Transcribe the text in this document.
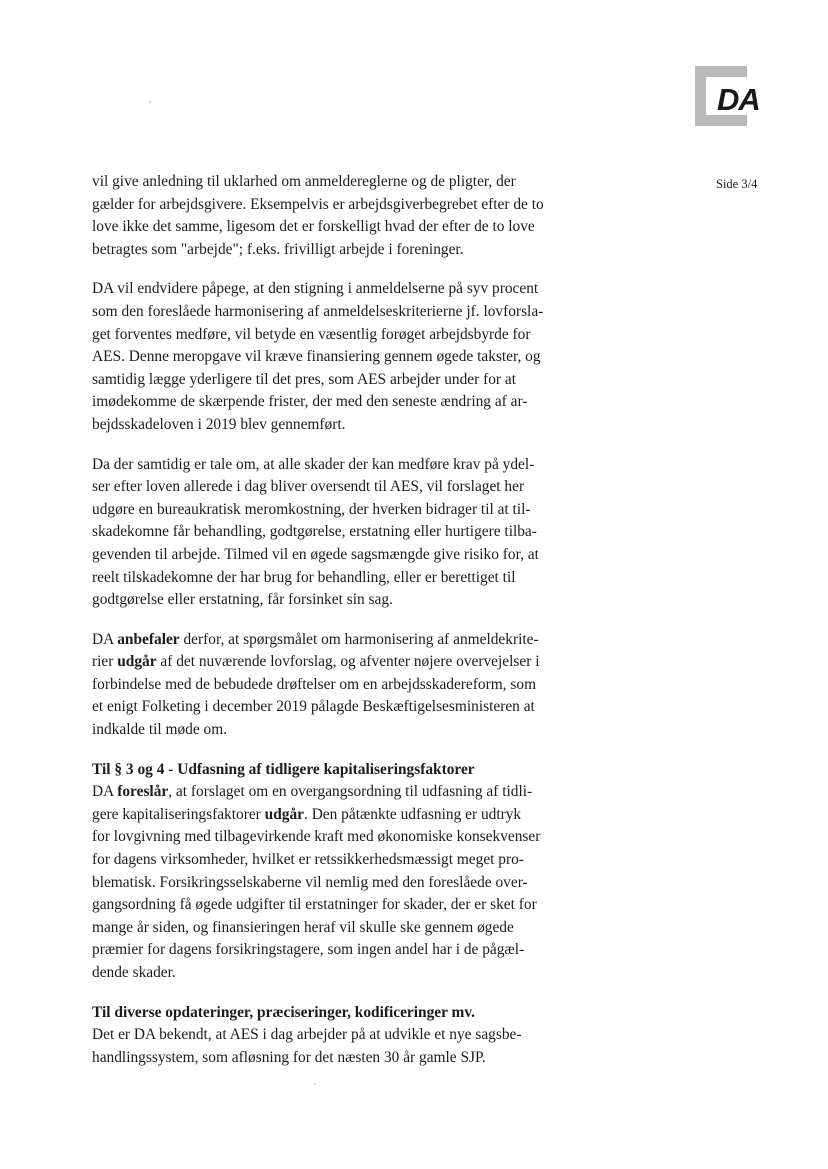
DA
Side 3/4
vil give anledning til uklarhed om anmeldereglerne og de pligter, der
gælder for arbejdsgivere. Eksempelvis er arbejdsgiverbegrebet efter de to
love ikke det samme, ligesom det er forskelligt hvad der efter de to love
betragtes som "arbejde"; f.eks. frivilligt arbejde i foreninger.
DA vil endvidere påpege, at den stigning i anmeldelserne på syv procent
som den foreslåede harmonisering af anmeldelseskriterierne jf. lovforsla-
get forventes medføre, vil betyde en væsentlig forøget arbejdsbyrde for
AES. Denne meropgave vil kræve finansiering gennem øgede takster, og
samtidig lægge yderligere til det pres, som AES arbejder under for at
imødekomme de skærpende frister, der med den seneste ændring af ar-
bejdsskadeloven i 2019 blev gennemført.
Da der samtidig er tale om, at alle skader der kan medføre krav på ydel-
ser efter loven allerede i dag bliver oversendt til AES, vil forslaget her
udgøre en bureaukratisk meromkostning, der hverken bidrager til at til-
skadekomne får behandling, godtgørelse, erstatning eller hurtigere tilba-
gevenden til arbejde. Tilmed vil en øgede sagsmængde give risiko for, at
reelt tilskadekomne der har brug for behandling, eller er berettiget til
godtgørelse eller erstatning, får forsinket sin sag.
DA anbefaler derfor, at spørgsmålet om harmonisering af anmeldekrite-
rier udgår af det nuværende lovforslag, og afventer nøjere overvejelser i
forbindelse med de bebudede drøftelser om en arbejdsskadereform, som
et enigt Folketing i december 2019 pålagde Beskæftigelsesministeren at
indkalde til møde om.
Til § 3 og 4 - Udfasning af tidligere kapitaliseringsfaktorer
DA foreslår, at forslaget om en overgangsordning til udfasning af tidli-
gere kapitaliseringsfaktorer udgår. Den påtænkte udfasning er udtryk
for lovgivning med tilbagevirkende kraft med økonomiske konsekvenser
for dagens virksomheder, hvilket er retssikkerhedsmæssigt meget pro-
blematisk. Forsikringsselskaberne vil nemlig med den foreslåede over-
gangsordning få øgede udgifter til erstatninger for skader, der er sket for
mange år siden, og finansieringen heraf vil skulle ske gennem øgede
præmier for dagens forsikringstagere, som ingen andel har i de pågæl-
dende skader.
Til diverse opdateringer, præciseringer, kodificeringer mv.
Det er DA bekendt, at AES i dag arbejder på at udvikle et nye sagsbe-
handlingssystem, som afløsning for det næsten 30 år gamle SJP.
